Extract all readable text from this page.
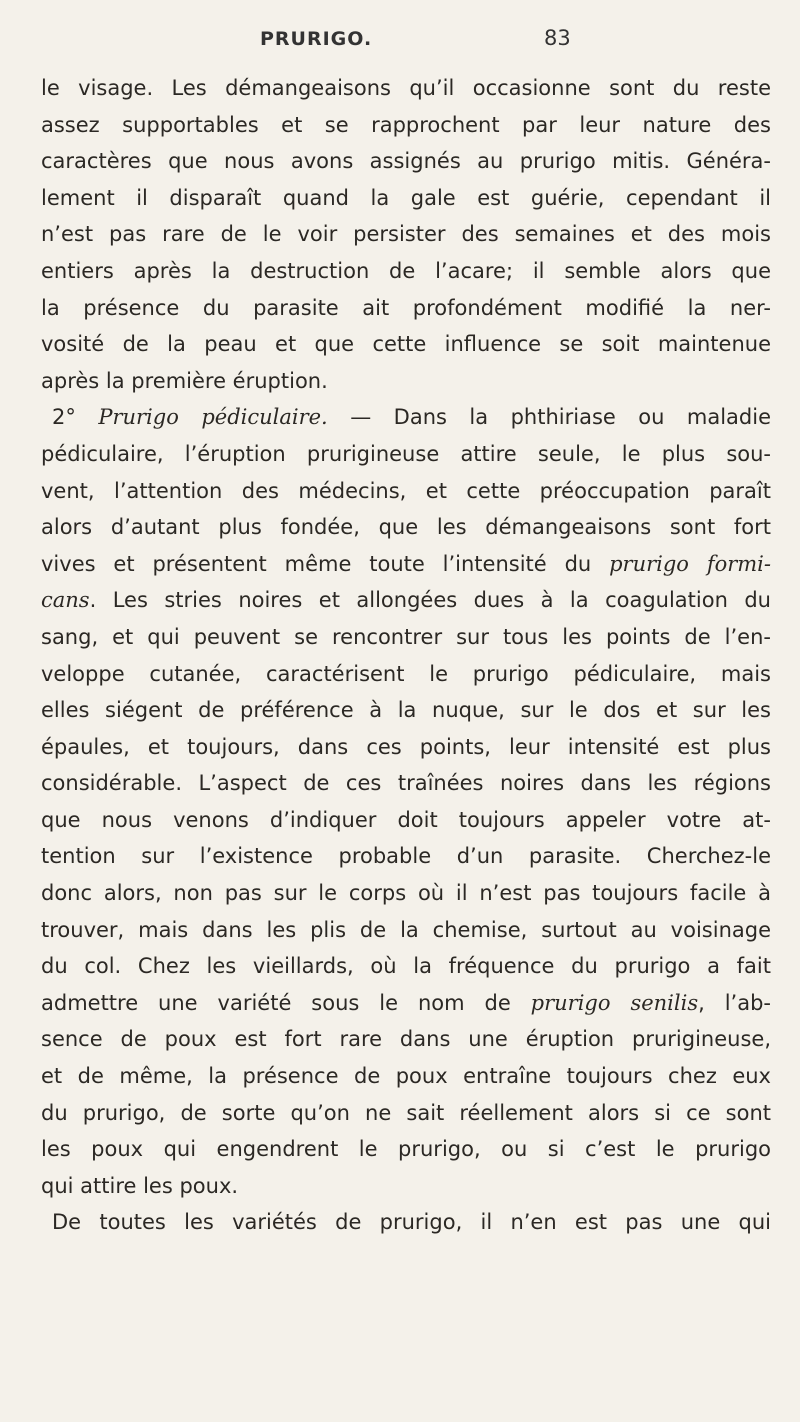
PRURIGO.	83
le visage. Les démangeaisons qu’il occasionne sont du reste
assez supportables et se rapprochent par leur nature des
caractères que nous avons assignés au prurigo mitis. Généra-
lement il disparaît quand la gale est guérie, cependant il
n’est pas rare de le voir persister des semaines et des mois
entiers après la destruction de l’acare; il semble alors que
la présence du parasite ait profondément modifié la ner-
vosité de la peau et que cette influence se soit maintenue
après la première éruption.
2° Prurigo pédiculaire. — Dans la phthiriase ou maladie
pédiculaire, l’éruption prurigineuse attire seule, le plus sou-
vent, l’attention des médecins, et cette préoccupation paraît
alors d’autant plus fondée, que les démangeaisons sont fort
vives et présentent même toute l’intensité du prurigo formi-
cans. Les stries noires et allongées dues à la coagulation du
sang, et qui peuvent se rencontrer sur tous les points de l’en-
veloppe cutanée, caractérisent le prurigo pédiculaire, mais
elles siégent de préférence à la nuque, sur le dos et sur les
épaules, et toujours, dans ces points, leur intensité est plus
considérable. L’aspect de ces traînées noires dans les régions
que nous venons d’indiquer doit toujours appeler votre at-
tention sur l’existence probable d’un parasite. Cherchez-le
donc alors, non pas sur le corps où il n’est pas toujours facile à
trouver, mais dans les plis de la chemise, surtout au voisinage
du col. Chez les vieillards, où la fréquence du prurigo a fait
admettre une variété sous le nom de prurigo senilis, l’ab-
sence de poux est fort rare dans une éruption prurigineuse,
et de même, la présence de poux entraîne toujours chez eux
du prurigo, de sorte qu’on ne sait réellement alors si ce sont
les poux qui engendrent le prurigo, ou si c’est le prurigo
qui attire les poux.
De toutes les variétés de prurigo, il n’en est pas une qui
